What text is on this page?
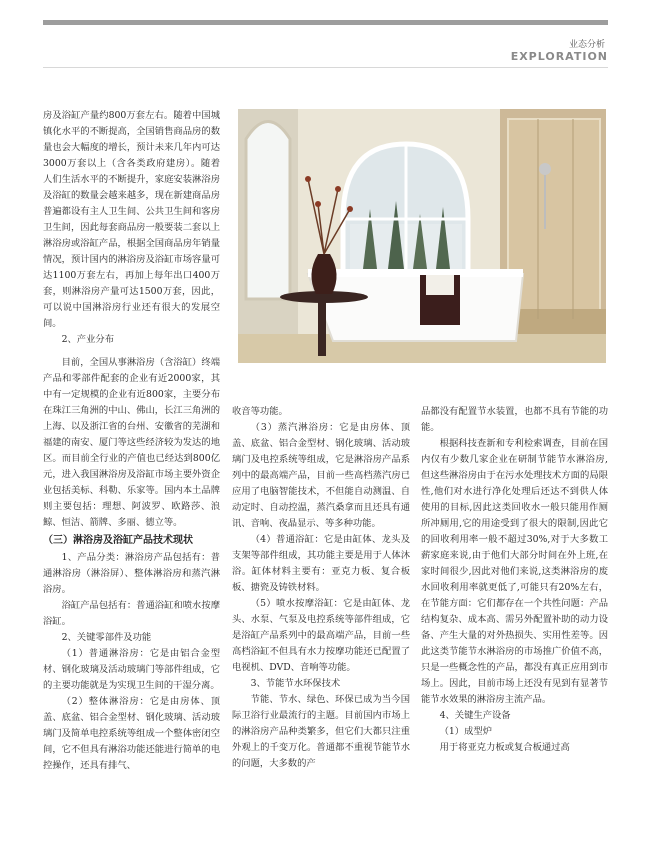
业态分析
EXPLORATION

房及浴缸产量约800万套左右。随着中国城镇化水平的不断提高，全国销售商品房的数量也会大幅度的增长，预计未来几年内可达3000万套以上（含各类政府建房）。随着人们生活水平的不断提升，家庭安装淋浴房及浴缸的数量会越来越多，现在新建商品房普遍都设有主人卫生间、公共卫生间和客房卫生间，因此每套商品房一般要装二套以上淋浴房或浴缸产品，根据全国商品房年销量情况，预计国内的淋浴房及浴缸市场容量可达1100万套左右，再加上每年出口400万套，则淋浴房产量可达1500万套，因此，可以说中国淋浴房行业还有很大的发展空间。

2、产业分布

目前，全国从事淋浴房（含浴缸）终端产品和零部件配套的企业有近2000家，其中有一定规模的企业有近800家，主要分布在珠江三角洲的中山、佛山，长江三角洲的上海、以及浙江省的台州、安徽省的芜湖和福建的南安、厦门等这些经济较为发达的地区。而目前全行业的产值也已经达到800亿元，进入我国淋浴房及浴缸市场主要外资企业包括美标、科勒、乐家等。国内本土品牌则主要包括：理想、阿波罗、欧路莎、浪鲸、恒洁、箭牌、多丽、德立等。

（三）淋浴房及浴缸产品技术现状

1、产品分类：淋浴房产品包括有：普通淋浴房（淋浴屏）、整体淋浴房和蒸汽淋浴房。

浴缸产品包括有：普通浴缸和喷水按摩浴缸。

2、关键零部件及功能

（1）普通淋浴房：它是由铝合金型材、钢化玻璃及活动玻璃门等部件组成，它的主要功能就是为实现卫生间的干湿分离。

（2）整体淋浴房：它是由房体、顶盖、底盆、铝合金型材、钢化玻璃、活动玻璃门及简单电控系统等组成一个整体密闭空间，它不但具有淋浴功能还能进行简单的电控操作，还具有排气、

收音等功能。

（3）蒸汽淋浴房：它是由房体、顶盖、底盆、铝合金型材、钢化玻璃、活动玻璃门及电控系统等组成，它是淋浴房产品系列中的最高端产品，目前一些高档蒸汽房已应用了电脑智能技术，不但能自动测温、自动定时、自动控温，蒸汽桑拿而且还具有通讯、音响、夜晶显示、等多种功能。

（4）普通浴缸：它是由缸体、龙头及支架等部件组成，其功能主要是用于人体沐浴。缸体材料主要有：亚克力板、复合板板、搪瓷及铸铁材料。

（5）喷水按摩浴缸：它是由缸体、龙头、水泵、气泵及电控系统等部件组成，它是浴缸产品系列中的最高端产品，目前一些高档浴缸不但具有水力按摩功能还已配置了电视机、DVD、音响等功能。

3、节能节水环保技术

节能、节水、绿色、环保已成为当今国际卫浴行业最流行的主题。目前国内市场上的淋浴房产品种类繁多，但它们大都只注重外观上的千变万化。普通都不重视节能节水的问题，大多数的产

品都没有配置节水装置，也都不具有节能的功能。

根据科技查新和专利检索调查，目前在国内仅有少数几家企业在研制节能节水淋浴房,但这些淋浴房由于在污水处理技术方面的局限性,他们对水进行净化处理后还达不到供人体使用的目标,因此这类回收水一般只能用作厕所冲厕用,它的用途受到了很大的限制,因此它的回收利用率一般不超过30%,对于大多数工薪家庭来说,由于他们大部分时间在外上班,在家时间很少,因此对他们来说,这类淋浴房的废水回收利用率就更低了,可能只有20%左右，在节能方面：它们都存在一个共性问题：产品结构复杂、成本高、需另外配置补助的动力设备、产生大量的对外热损失、实用性差等。因此这类节能节水淋浴房的市场推广价值不高，只是一些概念性的产品，都没有真正应用到市场上。因此，目前市场上还没有见到有显著节能节水效果的淋浴房主流产品。

4、关键生产设备

（1）成型炉

用于将亚克力板或复合板通过高
